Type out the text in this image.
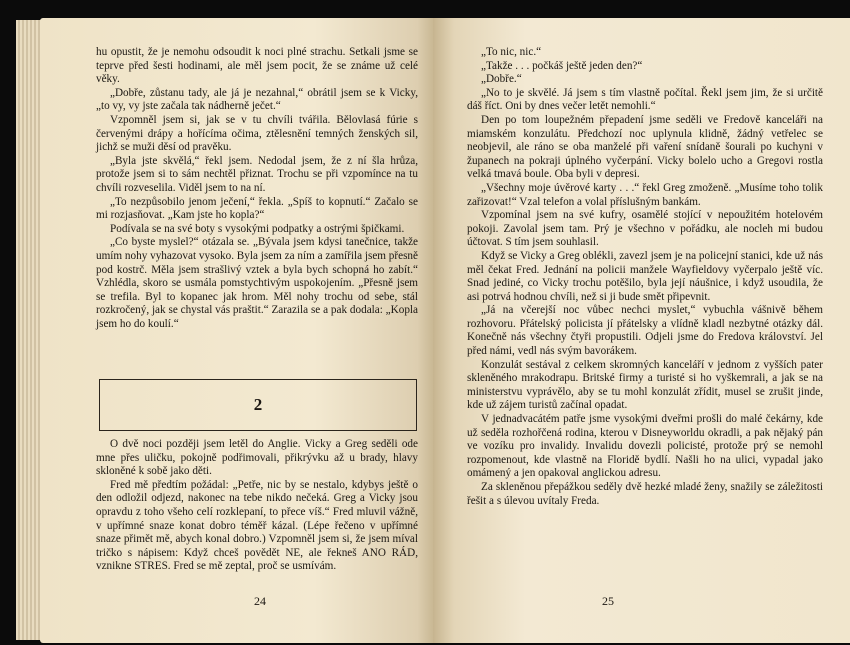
hu opustit, že je nemohu odsoudit k noci plné strachu. Setkali jsme se teprve před šesti hodinami, ale měl jsem pocit, že se známe už celé věky.

„Dobře, zůstanu tady, ale já je nezahnal,“ obrátil jsem se k Vicky, „to vy, vy jste začala tak nádherně ječet.“

Vzpomněl jsem si, jak se v tu chvíli tvářila. Bělovlasá fúrie s červenými drápy a hořícíma očima, ztělesnění temných ženských sil, jichž se muži děsí od pravěku.

„Byla jste skvělá,“ řekl jsem. Nedodal jsem, že z ní šla hrůza, protože jsem si to sám nechtěl přiznat. Trochu se při vzpomínce na tu chvíli rozveselila. Viděl jsem to na ní.

„To nezpůsobilo jenom ječení,“ řekla. „Spíš to kopnutí.“ Začalo se mi rozjasňovat. „Kam jste ho kopla?“

Podívala se na své boty s vysokými podpatky a ostrými špičkami.

„Co byste myslel?“ otázala se. „Bývala jsem kdysi tanečnice, takže umím nohy vyhazovat vysoko. Byla jsem za ním a zamířila jsem přesně pod kostrč. Měla jsem strašlivý vztek a byla bych schopná ho zabít.“ Vzhlédla, skoro se usmála pomstychtivým uspokojením. „Přesně jsem se trefila. Byl to kopanec jak hrom. Měl nohy trochu od sebe, stál rozkročený, jak se chystal vás praštit.“ Zarazila se a pak dodala: „Kopla jsem ho do koulí.“

2

O dvě noci později jsem letěl do Anglie. Vicky a Greg seděli ode mne přes uličku, pokojně podřimovali, přikrývku až u brady, hlavy skloněné k sobě jako děti.

Fred mě předtím požádal: „Petře, nic by se nestalo, kdybys ještě o den odložil odjezd, nakonec na tebe nikdo nečeká. Greg a Vicky jsou opravdu z toho všeho celí rozklepaní, to přece víš.“ Fred mluvil vážně, v upřímné snaze konat dobro téměř kázal. (Lépe řečeno v upřímné snaze přimět mě, abych konal dobro.) Vzpomněl jsem si, že jsem míval tričko s nápisem: Když chceš povědět NE, ale řekneš ANO RÁD, vznikne STRES. Fred se mě zeptal, proč se usmívám.

24

„To nic, nic.“

„Takže . . . počkáš ještě jeden den?“

„Dobře.“

„No to je skvělé. Já jsem s tím vlastně počítal. Řekl jsem jim, že si určitě dáš říct. Oni by dnes večer letět nemohli.“

Den po tom loupežném přepadení jsme seděli ve Fredově kanceláři na miamském konzulátu. Předchozí noc uplynula klidně, žádný vetřelec se neobjevil, ale ráno se oba manželé při vaření snídaně šourali po kuchyni v županech na pokraji úplného vyčerpání. Vicky bolelo ucho a Gregovi rostla velká tmavá boule. Oba byli v depresi.

„Všechny moje úvěrové karty . . .“ řekl Greg zmoženě. „Musíme toho tolik zařizovat!“ Vzal telefon a volal příslušným bankám.

Vzpomínal jsem na své kufry, osamělé stojící v nepoužitém hotelovém pokoji. Zavolal jsem tam. Prý je všechno v pořádku, ale nocleh mi budou účtovat. S tím jsem souhlasil.

Když se Vicky a Greg oblékli, zavezl jsem je na policejní stanici, kde už nás měl čekat Fred. Jednání na policii manžele Wayfieldovy vyčerpalo ještě víc. Snad jediné, co Vicky trochu potěšilo, byla její náušnice, i když usoudila, že asi potrvá hodnou chvíli, než si ji bude smět připevnit.

„Já na včerejší noc vůbec nechci myslet,“ vybuchla vášnivě během rozhovoru. Přátelský policista jí přátelsky a vlídně kladl nezbytné otázky dál. Konečně nás všechny čtyři propustili. Odjeli jsme do Fredova království. Jel před námi, vedl nás svým bavorákem.

Konzulát sestával z celkem skromných kanceláří v jednom z vyšších pater skleněného mrakodrapu. Britské firmy a turisté si ho vyškemrali, a jak se na ministerstvu vyprávělo, aby se tu mohl konzulát zřídit, musel se zrušit jinde, kde už zájem turistů začínal opadat.

V jednadvacátém patře jsme vysokými dveřmi prošli do malé čekárny, kde už seděla rozhořčená rodina, kterou v Disneyworldu okradli, a pak nějaký pán ve vozíku pro invalidy. Invalidu dovezli policisté, protože prý se nemohl rozpomenout, kde vlastně na Floridě bydlí. Našli ho na ulici, vypadal jako omámený a jen opakoval anglickou adresu.

Za skleněnou přepážkou seděly dvě hezké mladé ženy, snažily se záležitosti řešit a s úlevou uvítaly Freda.

25
